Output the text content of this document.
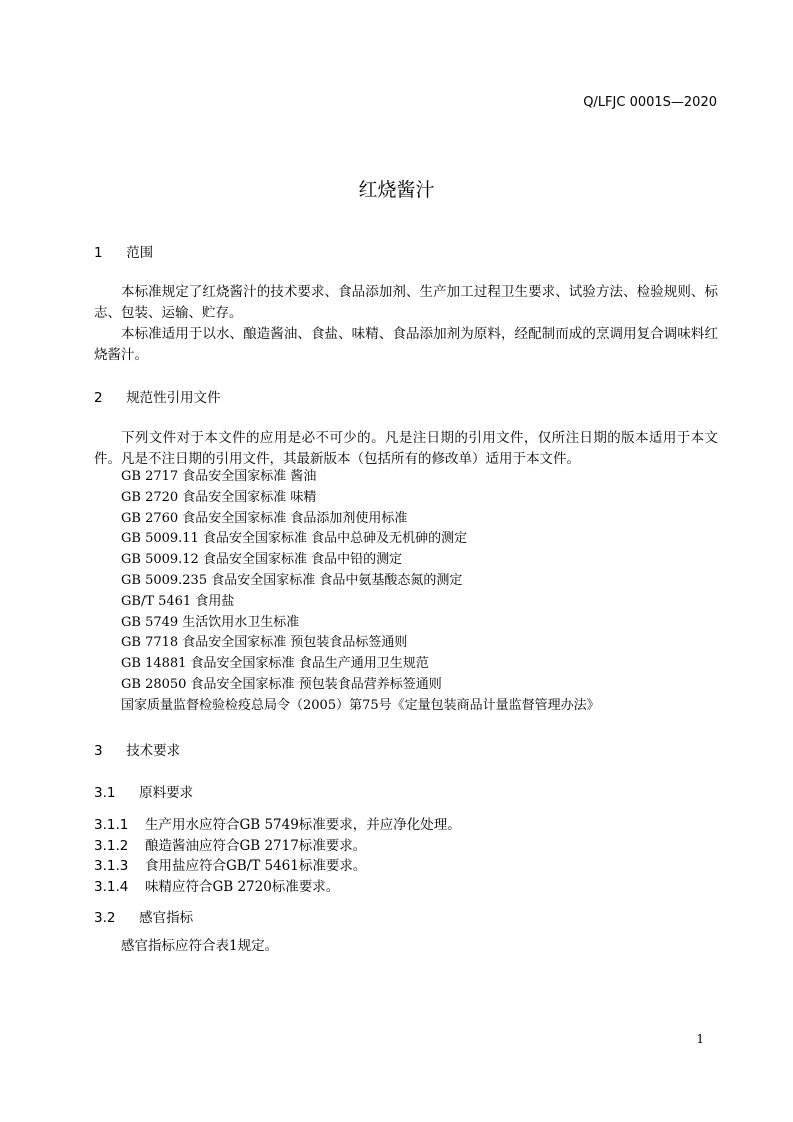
Q/LFJC 0001S—2020
红烧酱汁
1 范围

本标准规定了红烧酱汁的技术要求、食品添加剂、生产加工过程卫生要求、试验方法、检验规则、标志、包装、运输、贮存。

本标准适用于以水、酿造酱油、食盐、味精、食品添加剂为原料，经配制而成的烹调用复合调味料红烧酱汁。

2 规范性引用文件

下列文件对于本文件的应用是必不可少的。凡是注日期的引用文件，仅所注日期的版本适用于本文件。凡是不注日期的引用文件，其最新版本（包括所有的修改单）适用于本文件。

GB 2717 食品安全国家标准 酱油
GB 2720 食品安全国家标准 味精
GB 2760 食品安全国家标准 食品添加剂使用标准
GB 5009.11 食品安全国家标准 食品中总砷及无机砷的测定
GB 5009.12 食品安全国家标准 食品中铅的测定
GB 5009.235 食品安全国家标准 食品中氨基酸态氮的测定
GB/T 5461 食用盐
GB 5749 生活饮用水卫生标准
GB 7718 食品安全国家标准 预包装食品标签通则
GB 14881 食品安全国家标准 食品生产通用卫生规范
GB 28050 食品安全国家标准 预包装食品营养标签通则
国家质量监督检验检疫总局令（2005）第75号《定量包装商品计量监督管理办法》
3 技术要求
3.1 原料要求
3.1.1 生产用水应符合GB 5749标准要求，并应净化处理。
3.1.2 酿造酱油应符合GB 2717标准要求。
3.1.3 食用盐应符合GB/T 5461标准要求。
3.1.4 味精应符合GB 2720标准要求。
3.2 感官指标

感官指标应符合表1规定。

1
